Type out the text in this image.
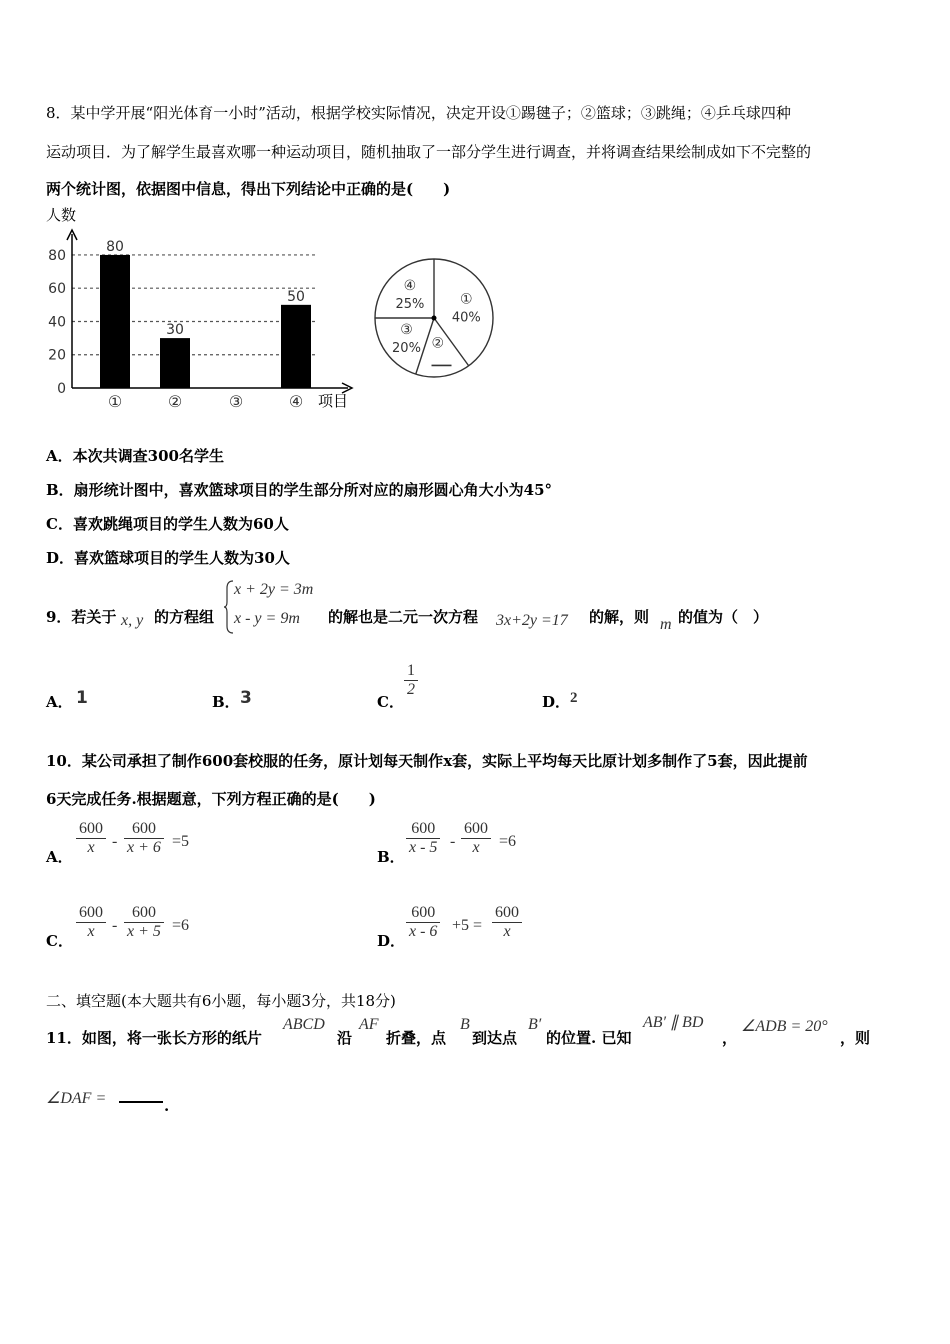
8．某中学开展“阳光体育一小时”活动，根据学校实际情况，决定开设①踢毽子；②篮球；③跳绳；④乒乓球四种
运动项目．为了解学生最喜欢哪一种运动项目，随机抽取了一部分学生进行调查，并将调查结果绘制成如下不完整的
两个统计图，依据图中信息，得出下列结论中正确的是(　　)
人数
0
20
40
60
80
项目
①
80
②
30
③	④
50	①
40%
②
③
20%
④
25%
A．本次共调查300名学生
B．扇形统计图中，喜欢篮球项目的学生部分所对应的扇形圆心角大小为45°
C．喜欢跳绳项目的学生人数为60人
D．喜欢篮球项目的学生人数为30人
9．若关于 x, y 的方程组
x + 2y = 3m
x - y = 9m 的解也是二元一次方程 3x+2y =17 的解，则 m 的值为（　）
A． 1	B． 3	C．
$\frac{1}{2}$
D． 2
10．某公司承担了制作600套校服的任务，原计划每天制作x套，实际上平均每天比原计划多制作了5套，因此提前
6天完成任务.根据题意，下列方程正确的是(　　)
A． $\frac{600}{x} - \frac{600}{x + 6} =5$
B． $\frac{600}{x - 5} - \frac{600}{x} =6$
C． $\frac{600}{x} - \frac{600}{x + 5} =6$
D． $\frac{600}{x - 6} +5 = \frac{600}{x}$
二、填空题(本大题共有6小题，每小题3分，共18分)
11．如图，将一张长方形的纸片
ABCD
沿
AF
折叠，点
B
到达点
B′
的位置. 已知
AB′ ∥ BD
，
∠ADB = 20°
，则
∠DAF =	.
